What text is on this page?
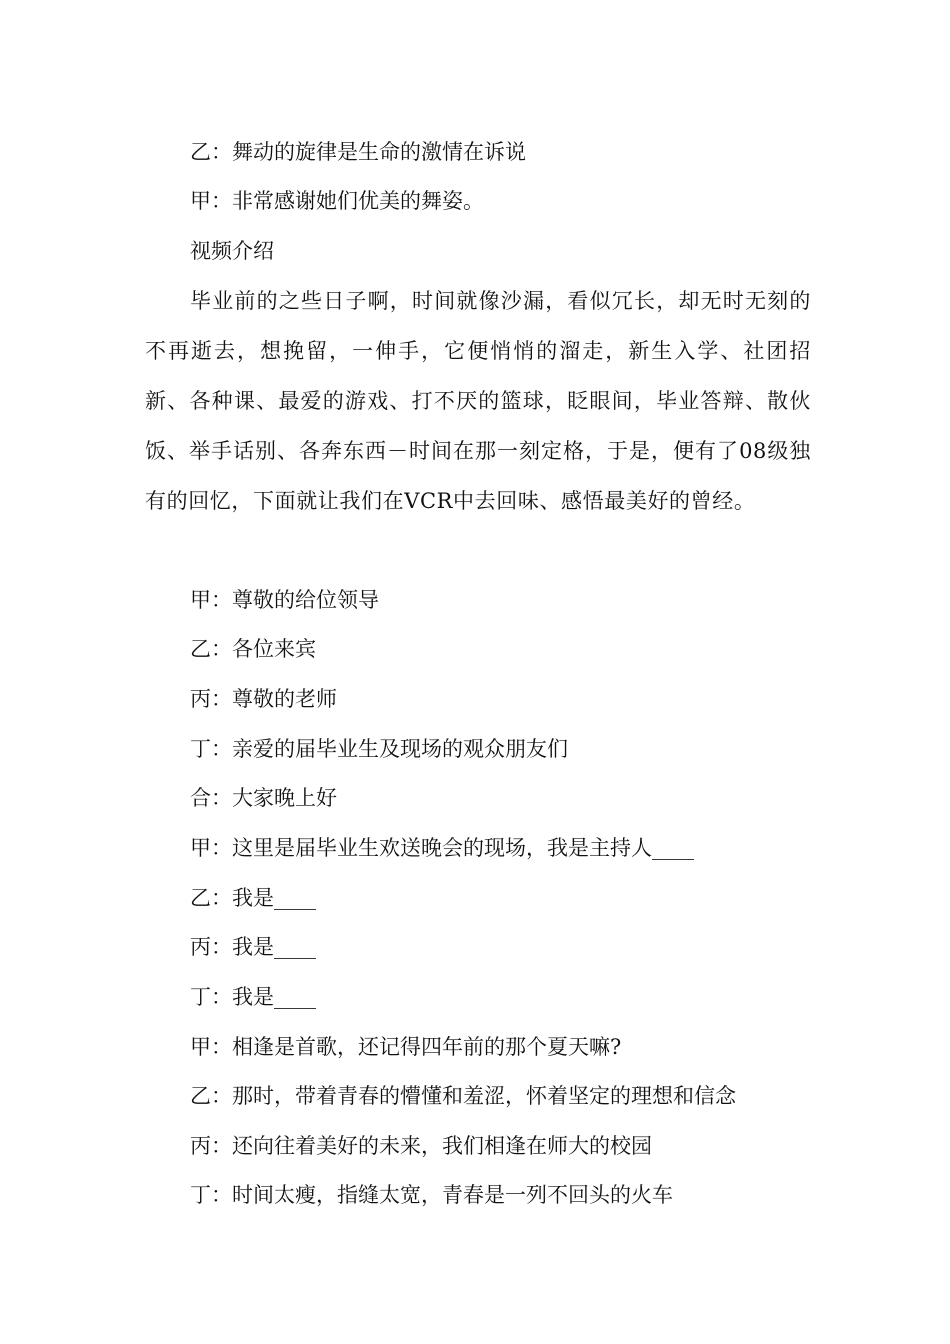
乙：舞动的旋律是生命的激情在诉说

甲：非常感谢她们优美的舞姿。

视频介绍

毕业前的之些日子啊，时间就像沙漏，看似冗长，却无时无刻的不再逝去，想挽留，一伸手，它便悄悄的溜走，新生入学、社团招新、各种课、最爱的游戏、打不厌的篮球，眨眼间，毕业答辩、散伙饭、举手话别、各奔东西－时间在那一刻定格，于是，便有了08级独有的回忆，下面就让我们在VCR中去回味、感悟最美好的曾经。

甲：尊敬的给位领导

乙：各位来宾

丙：尊敬的老师

丁：亲爱的届毕业生及现场的观众朋友们

合：大家晚上好

甲：这里是届毕业生欢送晚会的现场，我是主持人____

乙：我是____

丙：我是____

丁：我是____

甲：相逢是首歌，还记得四年前的那个夏天嘛?

乙：那时，带着青春的懵懂和羞涩，怀着坚定的理想和信念

丙：还向往着美好的未来，我们相逢在师大的校园

丁：时间太瘦，指缝太宽，青春是一列不回头的火车
